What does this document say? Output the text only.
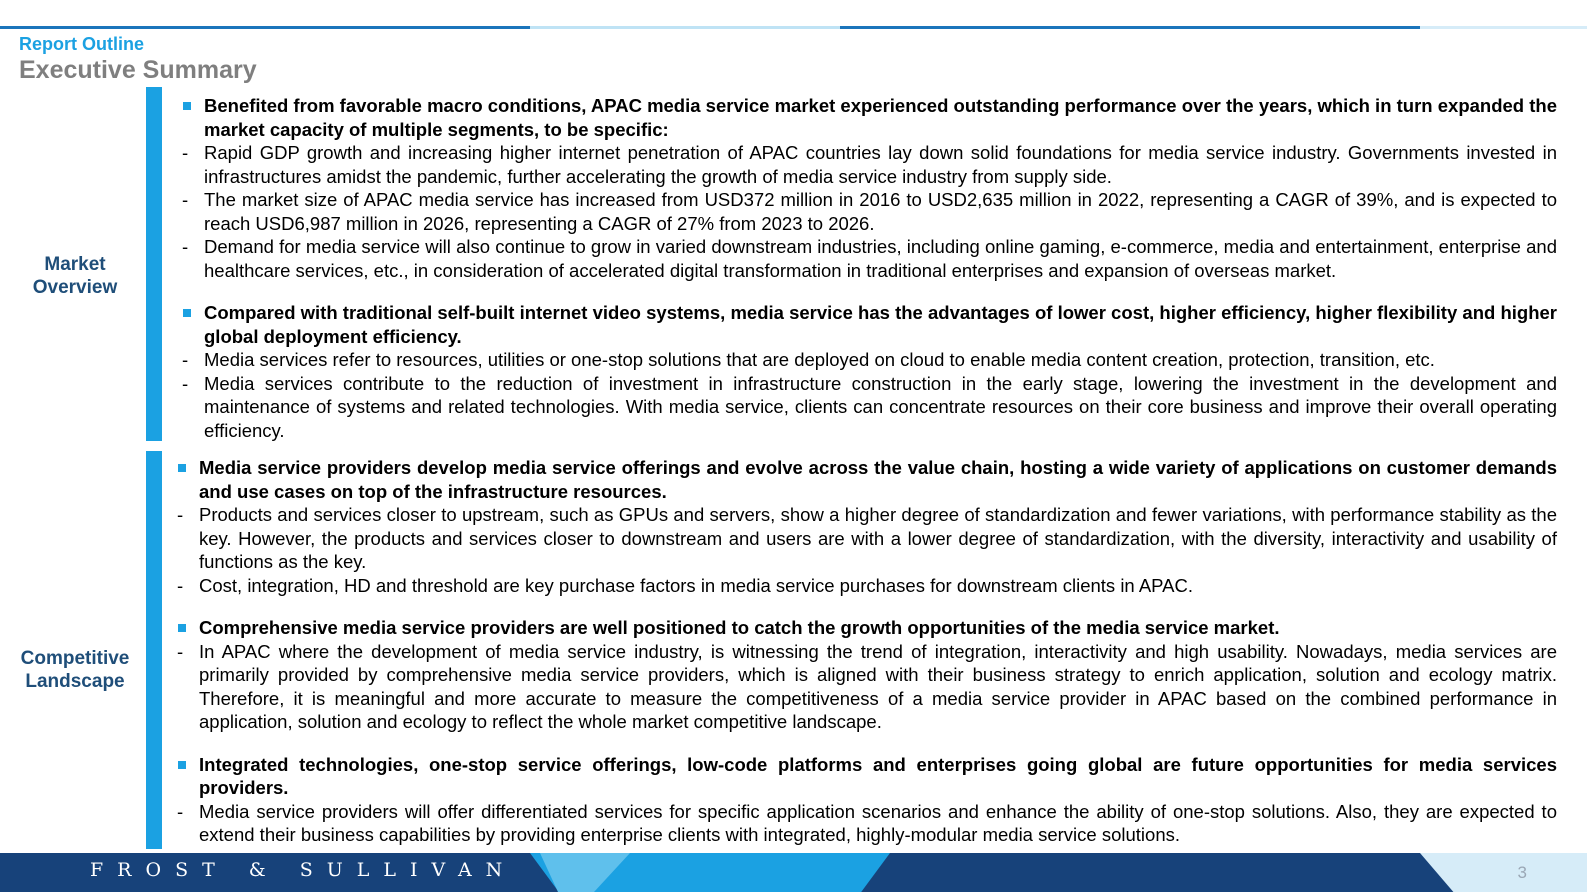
Report Outline
Executive Summary
Market Overview
Benefited from favorable macro conditions, APAC media service market experienced outstanding performance over the years, which in turn expanded the market capacity of multiple segments, to be specific:
- Rapid GDP growth and increasing higher internet penetration of APAC countries lay down solid foundations for media service industry. Governments invested in infrastructures amidst the pandemic, further accelerating the growth of media service industry from supply side.
- The market size of APAC media service has increased from USD372 million in 2016 to USD2,635 million in 2022, representing a CAGR of 39%, and is expected to reach USD6,987 million in 2026, representing a CAGR of 27% from 2023 to 2026.
- Demand for media service will also continue to grow in varied downstream industries, including online gaming, e-commerce, media and entertainment, enterprise and healthcare services, etc., in consideration of accelerated digital transformation in traditional enterprises and expansion of overseas market.
Compared with traditional self-built internet video systems, media service has the advantages of lower cost, higher efficiency, higher flexibility and higher global deployment efficiency.
- Media services refer to resources, utilities or one-stop solutions that are deployed on cloud to enable media content creation, protection, transition, etc.
- Media services contribute to the reduction of investment in infrastructure construction in the early stage, lowering the investment in the development and maintenance of systems and related technologies. With media service, clients can concentrate resources on their core business and improve their overall operating efficiency.
Competitive Landscape
Media service providers develop media service offerings and evolve across the value chain, hosting a wide variety of applications on customer demands and use cases on top of the infrastructure resources.
- Products and services closer to upstream, such as GPUs and servers, show a higher degree of standardization and fewer variations, with performance stability as the key. However, the products and services closer to downstream and users are with a lower degree of standardization, with the diversity, interactivity and usability of functions as the key.
- Cost, integration, HD and threshold are key purchase factors in media service purchases for downstream clients in APAC.
Comprehensive media service providers are well positioned to catch the growth opportunities of the media service market.
- In APAC where the development of media service industry, is witnessing the trend of integration, interactivity and high usability. Nowadays, media services are primarily provided by comprehensive media service providers, which is aligned with their business strategy to enrich application, solution and ecology matrix. Therefore, it is meaningful and more accurate to measure the competitiveness of a media service provider in APAC based on the combined performance in application, solution and ecology to reflect the whole market competitive landscape.
Integrated technologies, one-stop service offerings, low-code platforms and enterprises going global are future opportunities for media services providers.
- Media service providers will offer differentiated services for specific application scenarios and enhance the ability of one-stop solutions. Also, they are expected to extend their business capabilities by providing enterprise clients with integrated, highly-modular media service solutions.
FROST & SULLIVAN	3
